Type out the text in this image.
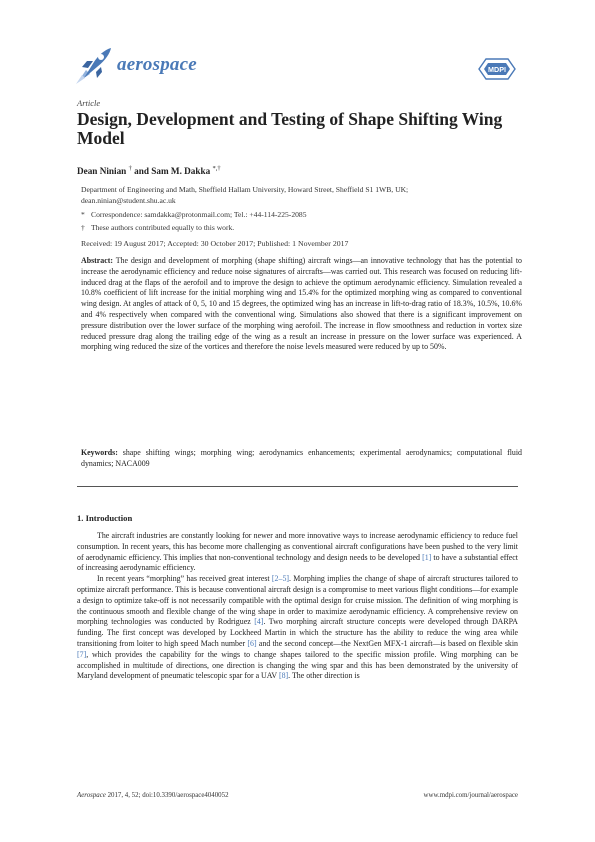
aerospace	MDPI
Article
Design, Development and Testing of Shape Shifting Wing Model
Dean Ninian † and Sam M. Dakka *,†
Department of Engineering and Math, Sheffield Hallam University, Howard Street, Sheffield S1 1WB, UK;
dean.ninian@student.shu.ac.uk
* Correspondence: samdakka@protonmail.com; Tel.: +44-114-225-2085
† These authors contributed equally to this work.
Received: 19 August 2017; Accepted: 30 October 2017; Published: 1 November 2017
Abstract: The design and development of morphing (shape shifting) aircraft wings—an innovative technology that has the potential to increase the aerodynamic efficiency and reduce noise signatures of aircrafts—was carried out. This research was focused on reducing lift-induced drag at the flaps of the aerofoil and to improve the design to achieve the optimum aerodynamic efficiency. Simulation revealed a 10.8% coefficient of lift increase for the initial morphing wing and 15.4% for the optimized morphing wing as compared to conventional wing design. At angles of attack of 0, 5, 10 and 15 degrees, the optimized wing has an increase in lift-to-drag ratio of 18.3%, 10.5%, 10.6% and 4% respectively when compared with the conventional wing. Simulations also showed that there is a significant improvement on pressure distribution over the lower surface of the morphing wing aerofoil. The increase in flow smoothness and reduction in vortex size reduced pressure drag along the trailing edge of the wing as a result an increase in pressure on the lower surface was experienced. A morphing wing reduced the size of the vortices and therefore the noise levels measured were reduced by up to 50%.
Keywords: shape shifting wings; morphing wing; aerodynamics enhancements; experimental aerodynamics; computational fluid dynamics; NACA009
1. Introduction

The aircraft industries are constantly looking for newer and more innovative ways to increase aerodynamic efficiency to reduce fuel consumption. In recent years, this has become more challenging as conventional aircraft configurations have been pushed to the very limit of aerodynamic efficiency. This implies that non-conventional technology and design needs to be developed [1] to have a substantial effect of increasing aerodynamic efficiency.

In recent years “morphing” has received great interest [2–5]. Morphing implies the change of shape of aircraft structures tailored to optimize aircraft performance. This is because conventional aircraft design is a compromise to meet various flight conditions—for example a design to optimize take-off is not necessarily compatible with the optimal design for cruise mission. The definition of wing morphing is the continuous smooth and flexible change of the wing shape in order to maximize aerodynamic efficiency. A comprehensive review on morphing technologies was conducted by Rodriguez [4]. Two morphing aircraft structure concepts were developed through DARPA funding. The first concept was developed by Lockheed Martin in which the structure has the ability to reduce the wing area while transitioning from loiter to high speed Mach number [6] and the second concept—the NextGen MFX-1 aircraft—is based on flexible skin [7], which provides the capability for the wings to change shapes tailored to the specific mission profile. Wing morphing can be accomplished in multitude of directions, one direction is changing the wing spar and this has been demonstrated by the university of Maryland development of pneumatic telescopic spar for a UAV [8]. The other direction is

Aerospace 2017, 4, 52; doi:10.3390/aerospace4040052	www.mdpi.com/journal/aerospace
